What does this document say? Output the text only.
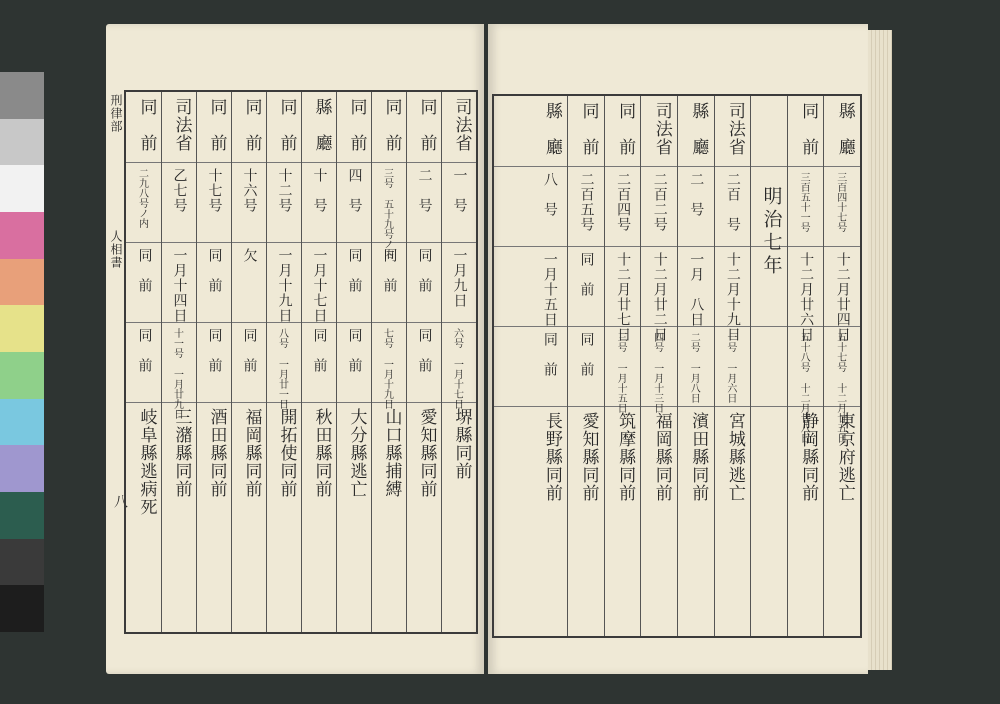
刑律部
人相書
八
司法省
一　号
一月九日
六号 一月十七日
堺縣同前
同　前
二　号
同　前
同　前
愛知縣同前
同　前
三号 五十九号ノ内
同　前
七号 一月十九日
山口縣捕縛
同　前
四　号
同　前
同　前
大分縣逃亡
縣　廳
十　号
一月十七日
同　前
秋田縣同前
同　前
十二号
一月十九日
八号 一月廿一日
開拓使同前
同　前
十六号
欠
同　前
福岡縣同前
同　前
十七号
同　前
同　前
酒田縣同前
司法省
乙七号
一月十四日
十一号 一月廿九日
三潴縣同前
同　前
二九八号ノ内
同　前
同　前
岐阜縣逃病死
縣　廳
三百四十七号
十二月廿四日
五十七号 十二月廿五日
東京府逃亡
同　前
三百五十一号
十二月廿六日
五十八号 十二月廿八日
静岡縣同前
司法省
二百　号
十二月十九日
一号 一月六日
宮城縣逃亡
縣　廳
二　号
一月　八日
二号 一月八日
濱田縣同前
司法省
二百二号
十二月廿二日
四号 一月十三日
福岡縣同前
同　前
二百四号
十二月廿七日
三号 一月十五日
筑摩縣同前
同　前
二百五号
同　前
同　前
愛知縣同前
縣　廳
八　号
一月十五日
同　前
長野縣同前
明治七年
